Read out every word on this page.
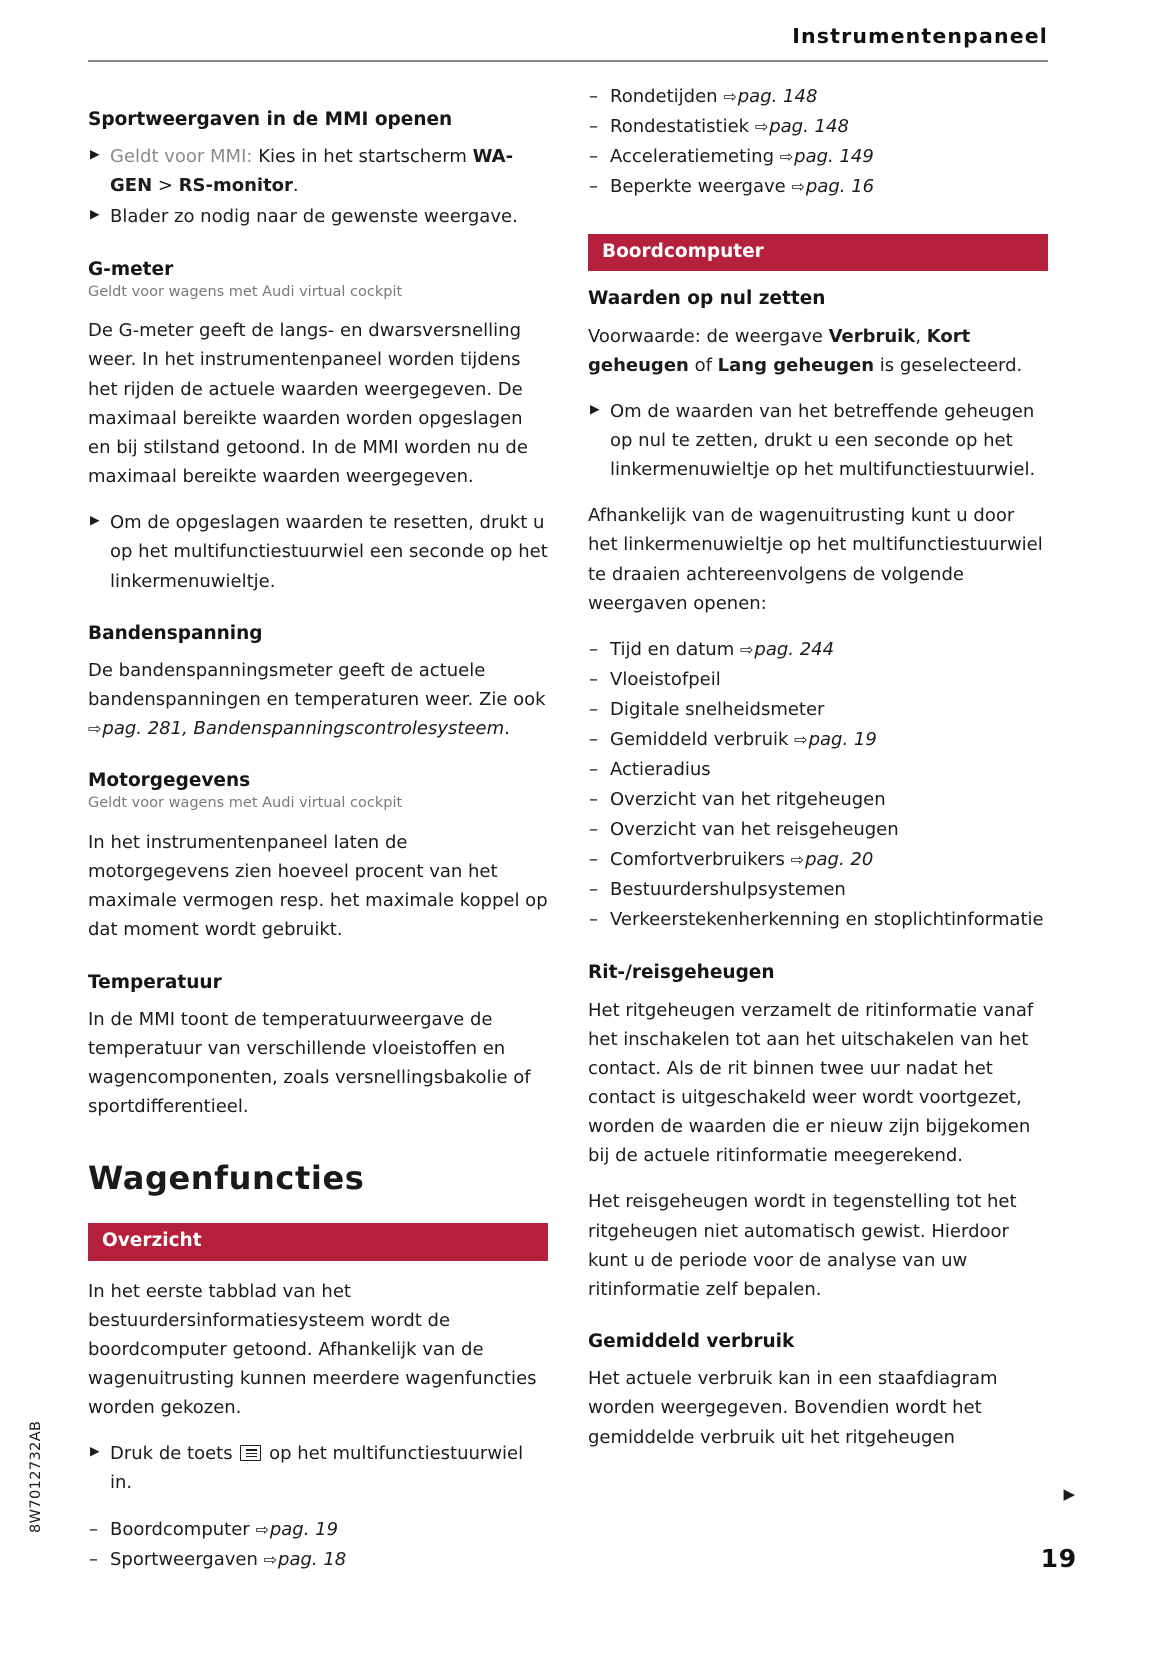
Instrumentenpaneel
Sportweergaven in de MMI openen
▶ Geldt voor MMI: Kies in het startscherm WA-GEN > RS-monitor.
▶ Blader zo nodig naar de gewenste weergave.
G-meter
Geldt voor wagens met Audi virtual cockpit

De G-meter geeft de langs- en dwarsversnelling weer. In het instrumentenpaneel worden tijdens het rijden de actuele waarden weergegeven. De maximaal bereikte waarden worden opgeslagen en bij stilstand getoond. In de MMI worden nu de maximaal bereikte waarden weergegeven.

▶ Om de opgeslagen waarden te resetten, drukt u op het multifunctiestuurwiel een seconde op het linkermenuwieltje.
Bandenspanning

De bandenspanningsmeter geeft de actuele bandenspanningen en temperaturen weer. Zie ook ⇨pag. 281, Bandenspanningscontrolesysteem.

Motorgegevens
Geldt voor wagens met Audi virtual cockpit

In het instrumentenpaneel laten de motorgegevens zien hoeveel procent van het maximale vermogen resp. het maximale koppel op dat moment wordt gebruikt.

Temperatuur

In de MMI toont de temperatuurweergave de temperatuur van verschillende vloeistoffen en wagencomponenten, zoals versnellingsbakolie of sportdifferentieel.

Wagenfuncties
Overzicht

In het eerste tabblad van het bestuurdersinformatiesysteem wordt de boordcomputer getoond. Afhankelijk van de wagenuitrusting kunnen meerdere wagenfuncties worden gekozen.

▶ Druk de toets
op het multifunctiestuurwiel in.
– Boordcomputer ⇨pag. 19
– Sportweergaven ⇨pag. 18
– Rondetijden ⇨pag. 148
– Rondestatistiek ⇨pag. 148
– Acceleratiemeting ⇨pag. 149
– Beperkte weergave ⇨pag. 16
Boordcomputer
Waarden op nul zetten

Voorwaarde: de weergave Verbruik, Kort geheugen of Lang geheugen is geselecteerd.

▶ Om de waarden van het betreffende geheugen op nul te zetten, drukt u een seconde op het linkermenuwieltje op het multifunctiestuurwiel.

Afhankelijk van de wagenuitrusting kunt u door het linkermenuwieltje op het multifunctiestuurwiel te draaien achtereenvolgens de volgende weergaven openen:

– Tijd en datum ⇨pag. 244
– Vloeistofpeil
– Digitale snelheidsmeter
– Gemiddeld verbruik ⇨pag. 19
– Actieradius
– Overzicht van het ritgeheugen
– Overzicht van het reisgeheugen
– Comfortverbruikers ⇨pag. 20
– Bestuurdershulpsystemen
– Verkeerstekenherkenning en stoplichtinformatie
Rit-/reisgeheugen

Het ritgeheugen verzamelt de ritinformatie vanaf het inschakelen tot aan het uitschakelen van het contact. Als de rit binnen twee uur nadat het contact is uitgeschakeld weer wordt voortgezet, worden de waarden die er nieuw zijn bijgekomen bij de actuele ritinformatie meegerekend.

Het reisgeheugen wordt in tegenstelling tot het ritgeheugen niet automatisch gewist. Hierdoor kunt u de periode voor de analyse van uw ritinformatie zelf bepalen.

Gemiddeld verbruik

Het actuele verbruik kan in een staafdiagram worden weergegeven. Bovendien wordt het gemiddelde verbruik uit het ritgeheugen

▶
8W7012732AB
19
